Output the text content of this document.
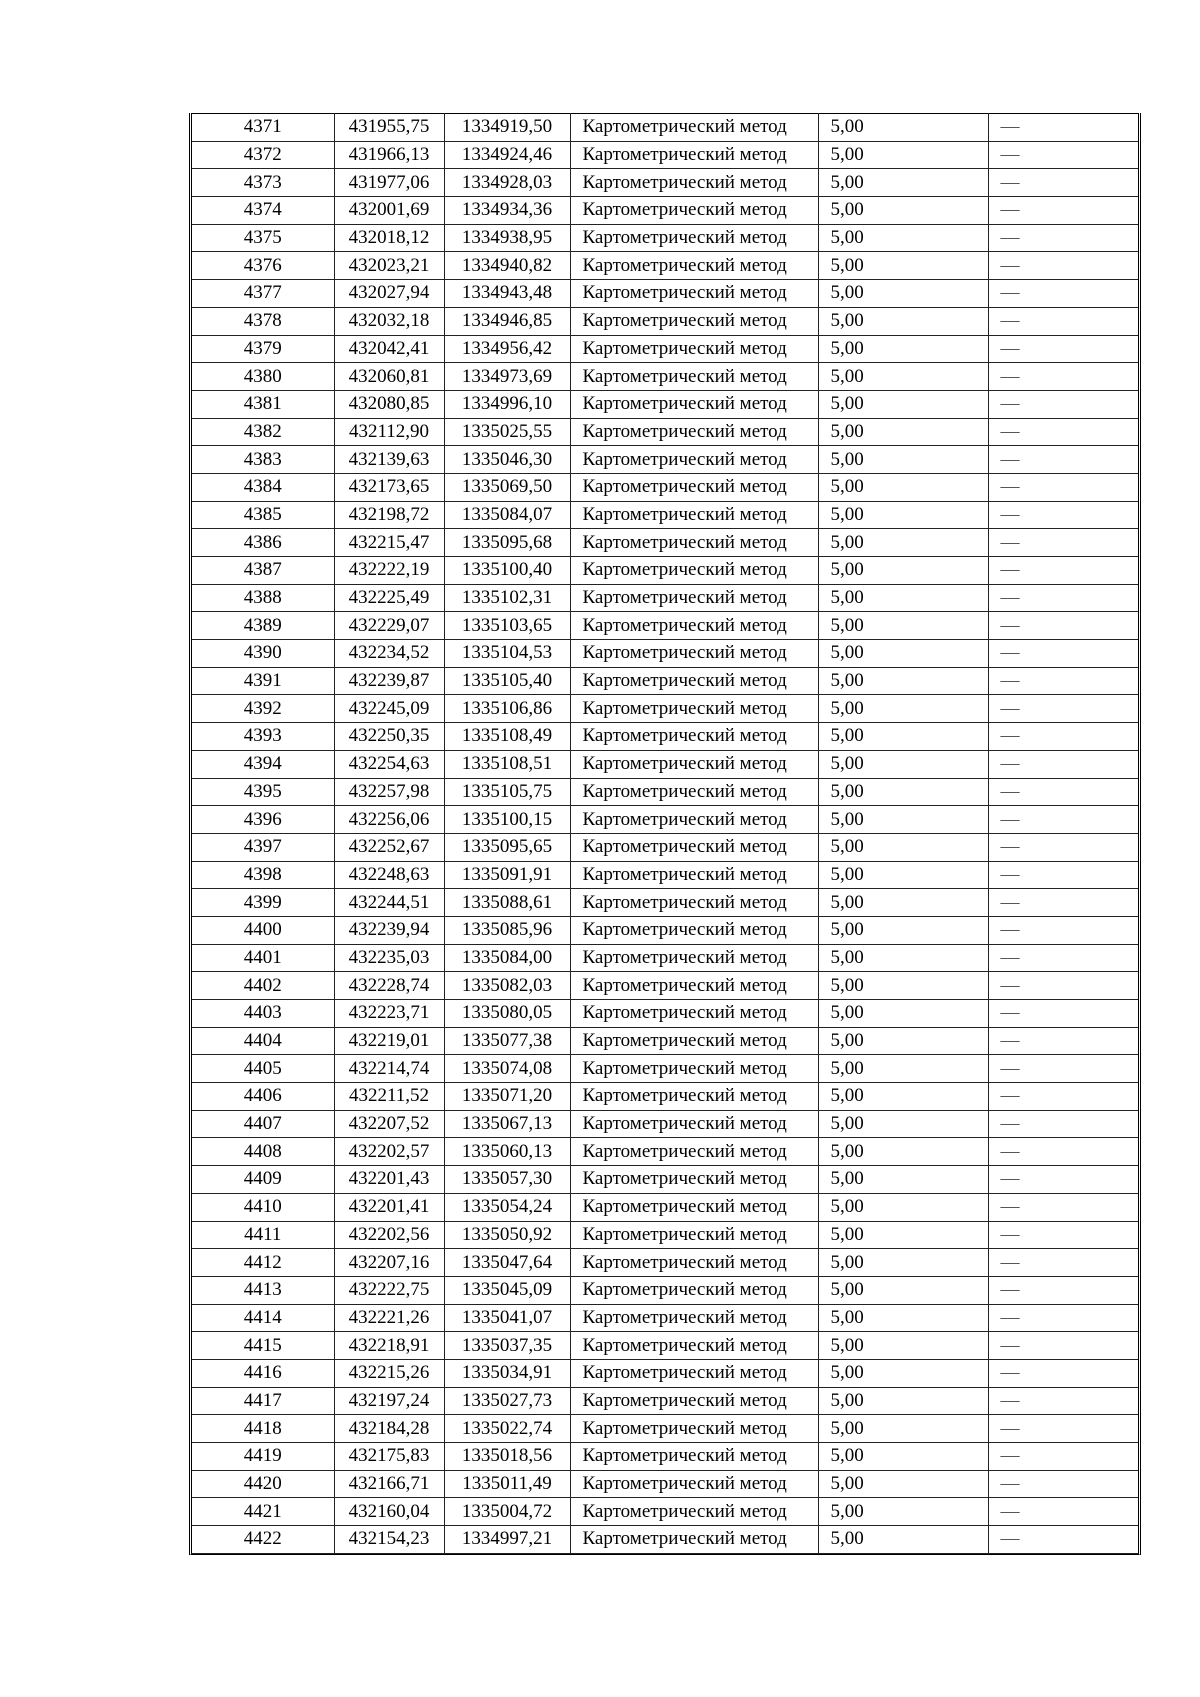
4371	431955,75	1334919,50	Картометрический метод	5,00	—
4372	431966,13	1334924,46	Картометрический метод	5,00	—
4373	431977,06	1334928,03	Картометрический метод	5,00	—
4374	432001,69	1334934,36	Картометрический метод	5,00	—
4375	432018,12	1334938,95	Картометрический метод	5,00	—
4376	432023,21	1334940,82	Картометрический метод	5,00	—
4377	432027,94	1334943,48	Картометрический метод	5,00	—
4378	432032,18	1334946,85	Картометрический метод	5,00	—
4379	432042,41	1334956,42	Картометрический метод	5,00	—
4380	432060,81	1334973,69	Картометрический метод	5,00	—
4381	432080,85	1334996,10	Картометрический метод	5,00	—
4382	432112,90	1335025,55	Картометрический метод	5,00	—
4383	432139,63	1335046,30	Картометрический метод	5,00	—
4384	432173,65	1335069,50	Картометрический метод	5,00	—
4385	432198,72	1335084,07	Картометрический метод	5,00	—
4386	432215,47	1335095,68	Картометрический метод	5,00	—
4387	432222,19	1335100,40	Картометрический метод	5,00	—
4388	432225,49	1335102,31	Картометрический метод	5,00	—
4389	432229,07	1335103,65	Картометрический метод	5,00	—
4390	432234,52	1335104,53	Картометрический метод	5,00	—
4391	432239,87	1335105,40	Картометрический метод	5,00	—
4392	432245,09	1335106,86	Картометрический метод	5,00	—
4393	432250,35	1335108,49	Картометрический метод	5,00	—
4394	432254,63	1335108,51	Картометрический метод	5,00	—
4395	432257,98	1335105,75	Картометрический метод	5,00	—
4396	432256,06	1335100,15	Картометрический метод	5,00	—
4397	432252,67	1335095,65	Картометрический метод	5,00	—
4398	432248,63	1335091,91	Картометрический метод	5,00	—
4399	432244,51	1335088,61	Картометрический метод	5,00	—
4400	432239,94	1335085,96	Картометрический метод	5,00	—
4401	432235,03	1335084,00	Картометрический метод	5,00	—
4402	432228,74	1335082,03	Картометрический метод	5,00	—
4403	432223,71	1335080,05	Картометрический метод	5,00	—
4404	432219,01	1335077,38	Картометрический метод	5,00	—
4405	432214,74	1335074,08	Картометрический метод	5,00	—
4406	432211,52	1335071,20	Картометрический метод	5,00	—
4407	432207,52	1335067,13	Картометрический метод	5,00	—
4408	432202,57	1335060,13	Картометрический метод	5,00	—
4409	432201,43	1335057,30	Картометрический метод	5,00	—
4410	432201,41	1335054,24	Картометрический метод	5,00	—
4411	432202,56	1335050,92	Картометрический метод	5,00	—
4412	432207,16	1335047,64	Картометрический метод	5,00	—
4413	432222,75	1335045,09	Картометрический метод	5,00	—
4414	432221,26	1335041,07	Картометрический метод	5,00	—
4415	432218,91	1335037,35	Картометрический метод	5,00	—
4416	432215,26	1335034,91	Картометрический метод	5,00	—
4417	432197,24	1335027,73	Картометрический метод	5,00	—
4418	432184,28	1335022,74	Картометрический метод	5,00	—
4419	432175,83	1335018,56	Картометрический метод	5,00	—
4420	432166,71	1335011,49	Картометрический метод	5,00	—
4421	432160,04	1335004,72	Картометрический метод	5,00	—
4422	432154,23	1334997,21	Картометрический метод	5,00	—
